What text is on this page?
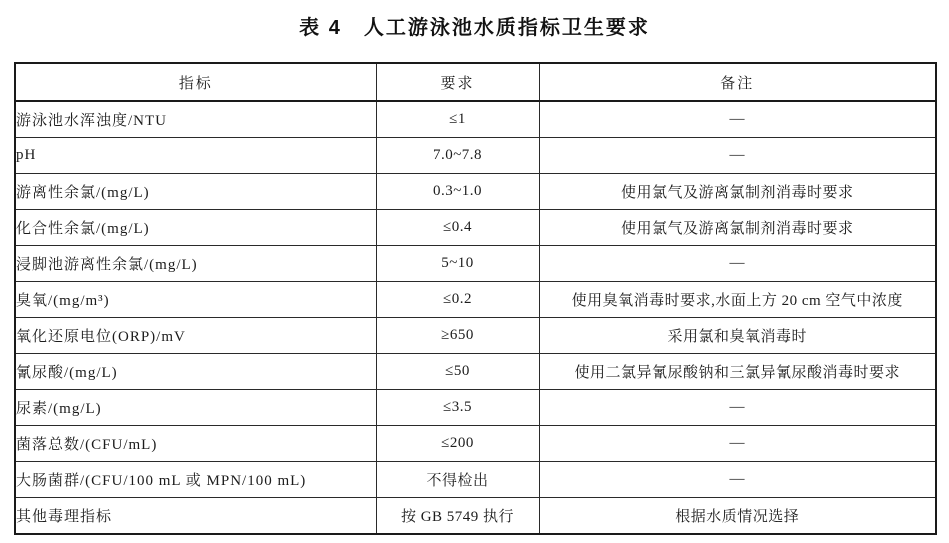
表 4　人工游泳池水质指标卫生要求
指标	要求	备注
游泳池水浑浊度/NTU	≤1	—
pH	7.0~7.8	—
游离性余氯/(mg/L)	0.3~1.0	使用氯气及游离氯制剂消毒时要求
化合性余氯/(mg/L)	≤0.4	使用氯气及游离氯制剂消毒时要求
浸脚池游离性余氯/(mg/L)	5~10	—
臭氧/(mg/m³)	≤0.2	使用臭氧消毒时要求,水面上方 20 cm 空气中浓度
氧化还原电位(ORP)/mV	≥650	采用氯和臭氧消毒时
氰尿酸/(mg/L)	≤50	使用二氯异氰尿酸钠和三氯异氰尿酸消毒时要求
尿素/(mg/L)	≤3.5	—
菌落总数/(CFU/mL)	≤200	—
大肠菌群/(CFU/100 mL 或 MPN/100 mL)	不得检出	—
其他毒理指标	按 GB 5749 执行	根据水质情况选择
